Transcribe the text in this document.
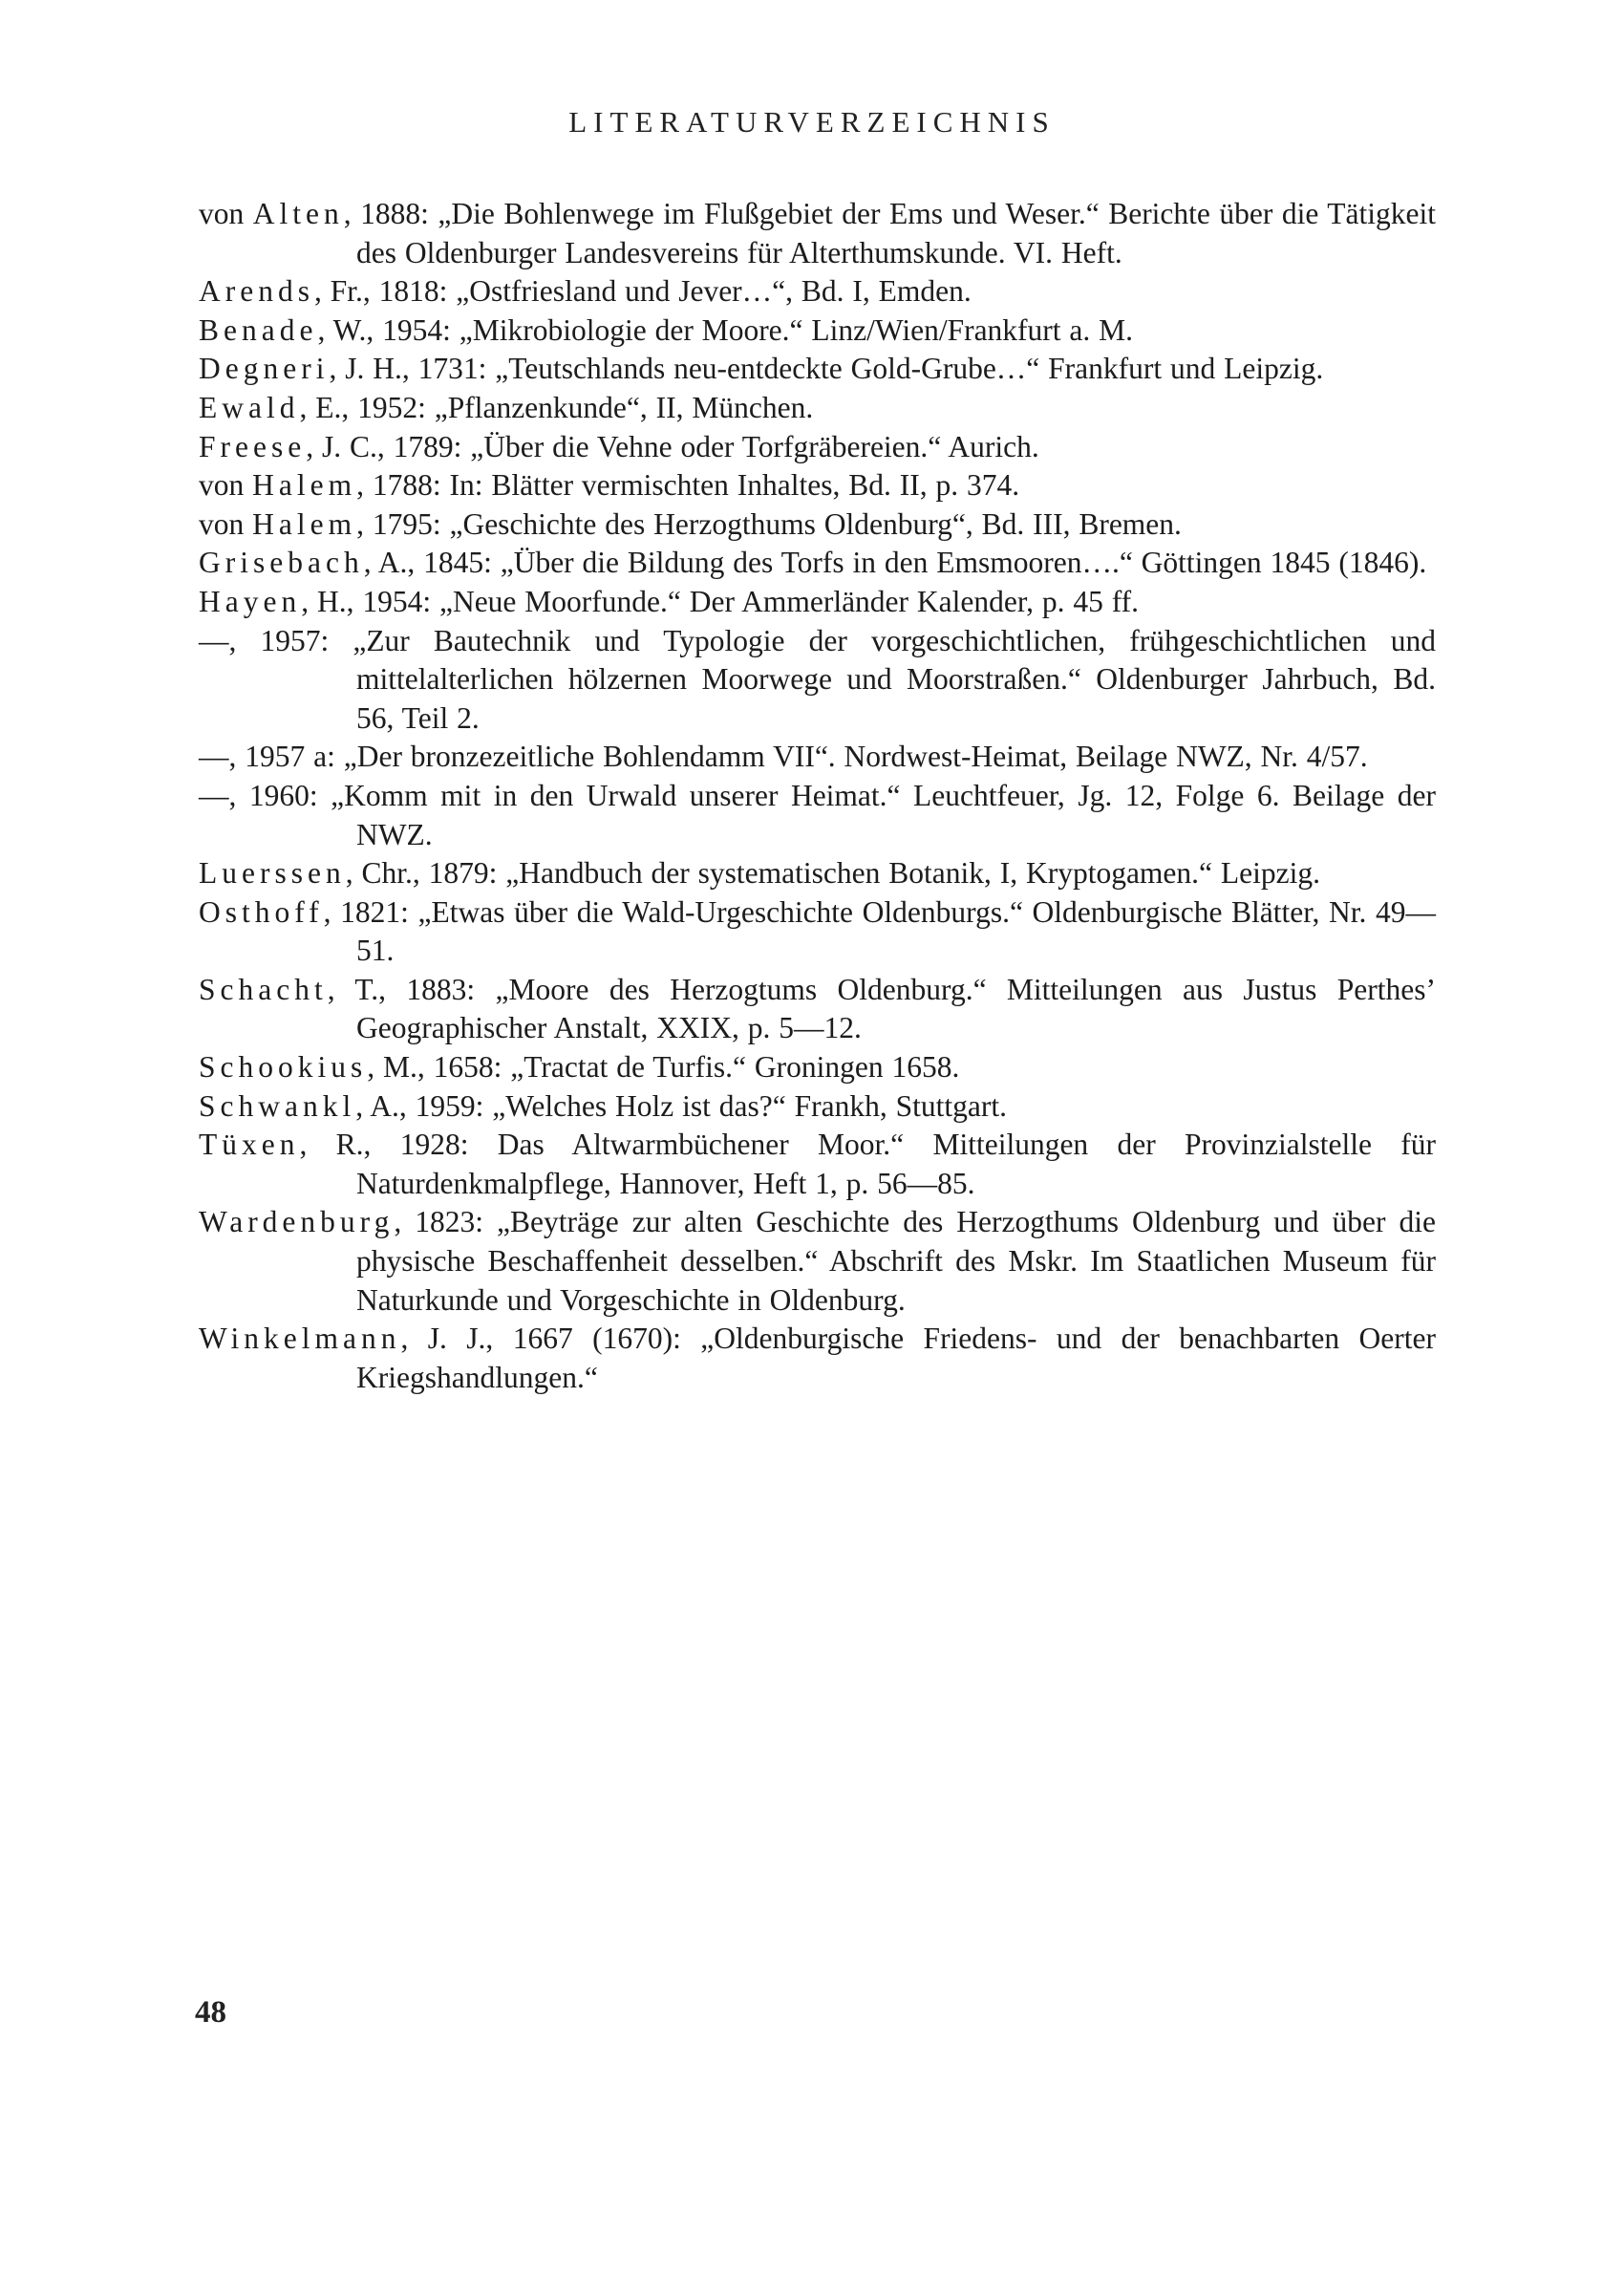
LITERATURVERZEICHNIS
von Alten, 1888: „Die Bohlenwege im Flußgebiet der Ems und Weser.“ Berichte über die Tätigkeit des Oldenburger Landesvereins für Alterthumskunde. VI. Heft.
Arends, Fr., 1818: „Ostfriesland und Jever…“, Bd. I, Emden.
Benade, W., 1954: „Mikrobiologie der Moore.“ Linz/Wien/Frankfurt a. M.
Degneri, J. H., 1731: „Teutschlands neu-entdeckte Gold-Grube…“ Frankfurt und Leipzig.
Ewald, E., 1952: „Pflanzenkunde“, II, München.
Freese, J. C., 1789: „Über die Vehne oder Torfgräbereien.“ Aurich.
von Halem, 1788: In: Blätter vermischten Inhaltes, Bd. II, p. 374.
von Halem, 1795: „Geschichte des Herzogthums Oldenburg“, Bd. III, Bremen.
Grisebach, A., 1845: „Über die Bildung des Torfs in den Emsmooren….“ Göttingen 1845 (1846).
Hayen, H., 1954: „Neue Moorfunde.“ Der Ammerländer Kalender, p. 45 ff.
—, 1957: „Zur Bautechnik und Typologie der vorgeschichtlichen, frühgeschichtlichen und mittelalterlichen hölzernen Moorwege und Moorstraßen.“ Oldenburger Jahrbuch, Bd. 56, Teil 2.
—, 1957 a: „Der bronzezeitliche Bohlendamm VII“. Nordwest-Heimat, Beilage NWZ, Nr. 4/57.
—, 1960: „Komm mit in den Urwald unserer Heimat.“ Leuchtfeuer, Jg. 12, Folge 6. Beilage der NWZ.
Luerssen, Chr., 1879: „Handbuch der systematischen Botanik, I, Kryptogamen.“ Leipzig.
Osthoff, 1821: „Etwas über die Wald-Urgeschichte Oldenburgs.“ Oldenburgische Blätter, Nr. 49—51.
Schacht, T., 1883: „Moore des Herzogtums Oldenburg.“ Mitteilungen aus Justus Perthes’ Geographischer Anstalt, XXIX, p. 5—12.
Schookius, M., 1658: „Tractat de Turfis.“ Groningen 1658.
Schwankl, A., 1959: „Welches Holz ist das?“ Frankh, Stuttgart.
Tüxen, R., 1928: Das Altwarmbüchener Moor.“ Mitteilungen der Provinzialstelle für Naturdenkmalpflege, Hannover, Heft 1, p. 56—85.
Wardenburg, 1823: „Beyträge zur alten Geschichte des Herzogthums Oldenburg und über die physische Beschaffenheit desselben.“ Abschrift des Mskr. Im Staatlichen Museum für Naturkunde und Vorgeschichte in Oldenburg.
Winkelmann, J. J., 1667 (1670): „Oldenburgische Friedens- und der benachbarten Oerter Kriegshandlungen.“
48
